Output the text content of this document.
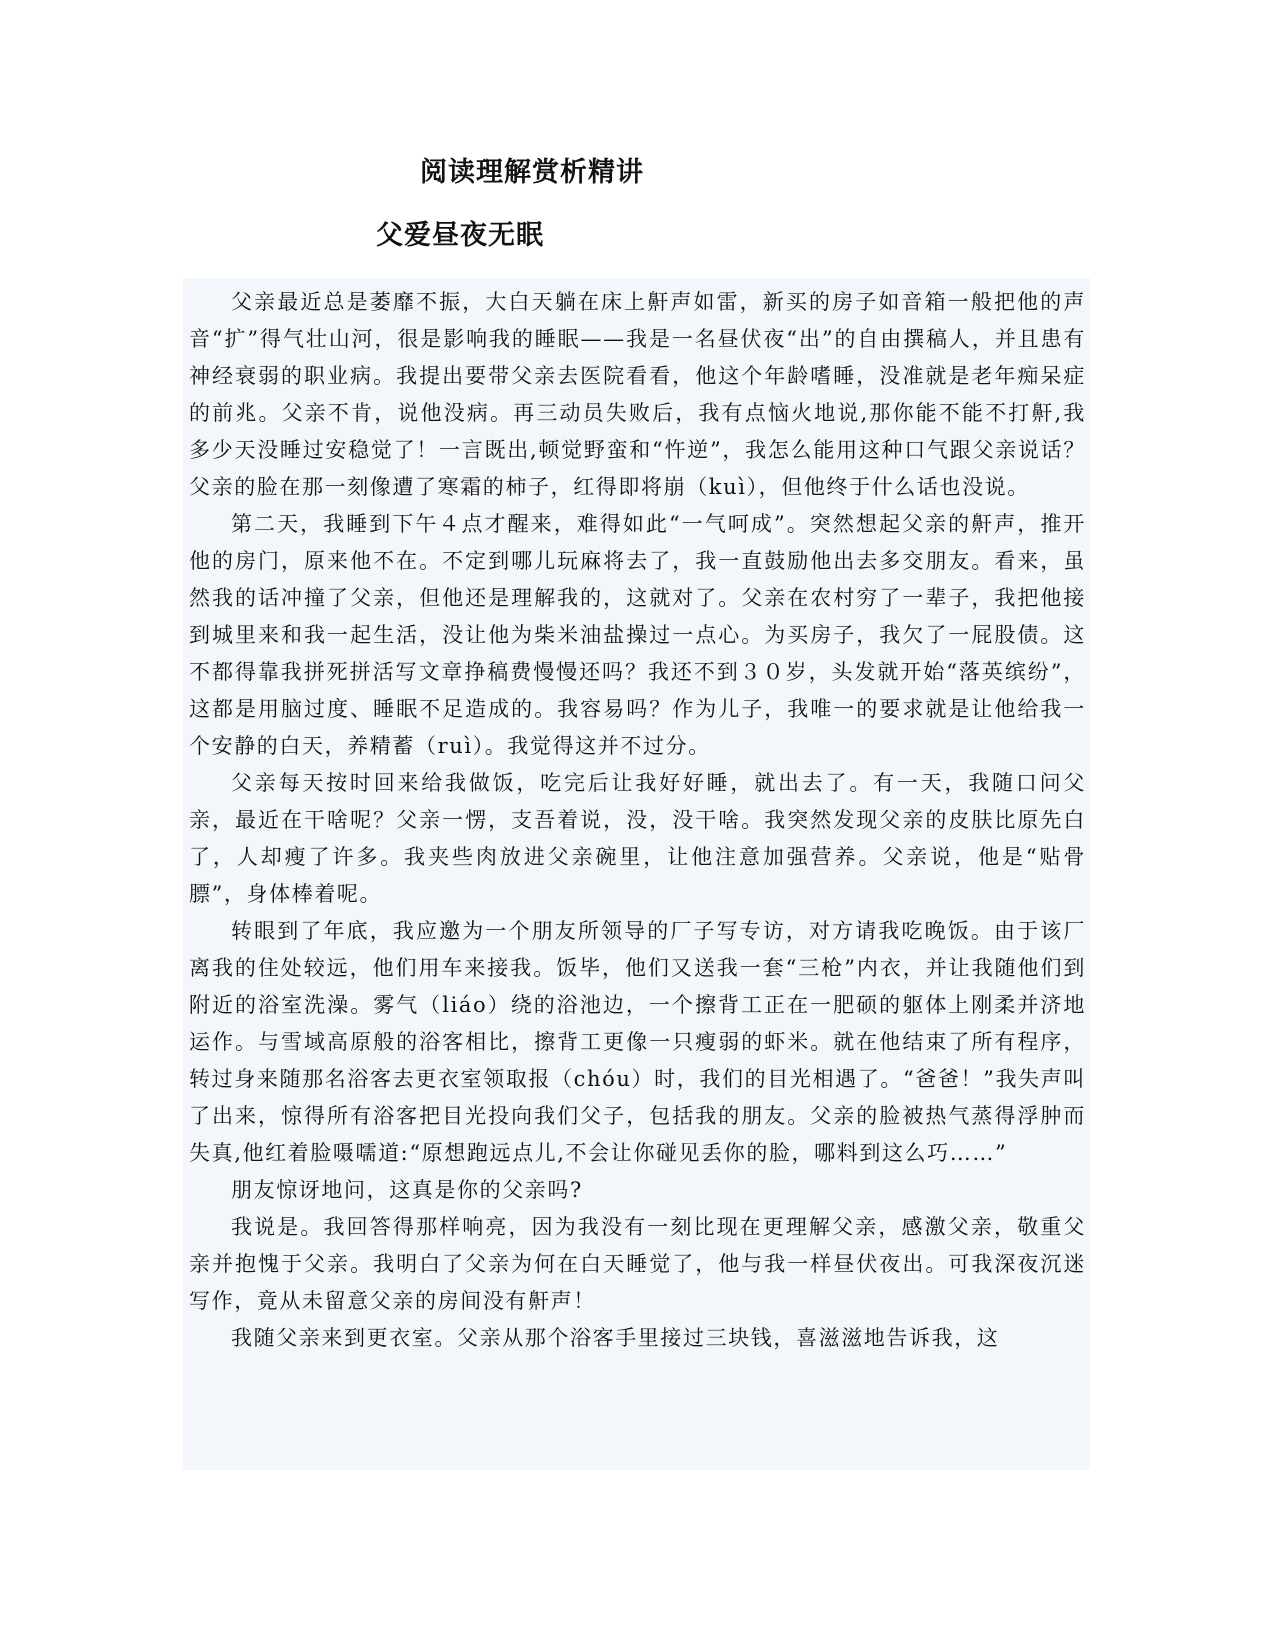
阅读理解赏析精讲
父爱昼夜无眠

父亲最近总是萎靡不振，大白天躺在床上鼾声如雷，新买的房子如音箱一般把他的声音“扩”得气壮山河，很是影响我的睡眠——我是一名昼伏夜“出”的自由撰稿人，并且患有神经衰弱的职业病。我提出要带父亲去医院看看，他这个年龄嗜睡，没准就是老年痴呆症的前兆。父亲不肯，说他没病。再三动员失败后，我有点恼火地说,那你能不能不打鼾,我多少天没睡过安稳觉了！一言既出,顿觉野蛮和“忤逆”，我怎么能用这种口气跟父亲说话？父亲的脸在那一刻像遭了寒霜的柿子，红得即将崩（kuì），但他终于什么话也没说。

第二天，我睡到下午４点才醒来，难得如此“一气呵成”。突然想起父亲的鼾声，推开他的房门，原来他不在。不定到哪儿玩麻将去了，我一直鼓励他出去多交朋友。看来，虽然我的话冲撞了父亲，但他还是理解我的，这就对了。父亲在农村穷了一辈子，我把他接到城里来和我一起生活，没让他为柴米油盐操过一点心。为买房子，我欠了一屁股债。这不都得靠我拼死拼活写文章挣稿费慢慢还吗？我还不到３０岁，头发就开始“落英缤纷”，这都是用脑过度、睡眠不足造成的。我容易吗？作为儿子，我唯一的要求就是让他给我一个安静的白天，养精蓄（ruì）。我觉得这并不过分。

父亲每天按时回来给我做饭，吃完后让我好好睡，就出去了。有一天，我随口问父亲，最近在干啥呢？父亲一愣，支吾着说，没，没干啥。我突然发现父亲的皮肤比原先白了，人却瘦了许多。我夹些肉放进父亲碗里，让他注意加强营养。父亲说，他是“贴骨膘”，身体棒着呢。

转眼到了年底，我应邀为一个朋友所领导的厂子写专访，对方请我吃晚饭。由于该厂离我的住处较远，他们用车来接我。饭毕，他们又送我一套“三枪”内衣，并让我随他们到附近的浴室洗澡。雾气（liáo）绕的浴池边，一个擦背工正在一肥硕的躯体上刚柔并济地运作。与雪域高原般的浴客相比，擦背工更像一只瘦弱的虾米。就在他结束了所有程序，转过身来随那名浴客去更衣室领取报（chóu）时，我们的目光相遇了。“爸爸！”我失声叫了出来，惊得所有浴客把目光投向我们父子，包括我的朋友。父亲的脸被热气蒸得浮肿而失真,他红着脸嗫嚅道:“原想跑远点儿,不会让你碰见丢你的脸，哪料到这么巧……”

朋友惊讶地问，这真是你的父亲吗?

我说是。我回答得那样响亮，因为我没有一刻比现在更理解父亲，感激父亲，敬重父亲并抱愧于父亲。我明白了父亲为何在白天睡觉了，他与我一样昼伏夜出。可我深夜沉迷写作，竟从未留意父亲的房间没有鼾声！

我随父亲来到更衣室。父亲从那个浴客手里接过三块钱，喜滋滋地告诉我，这
